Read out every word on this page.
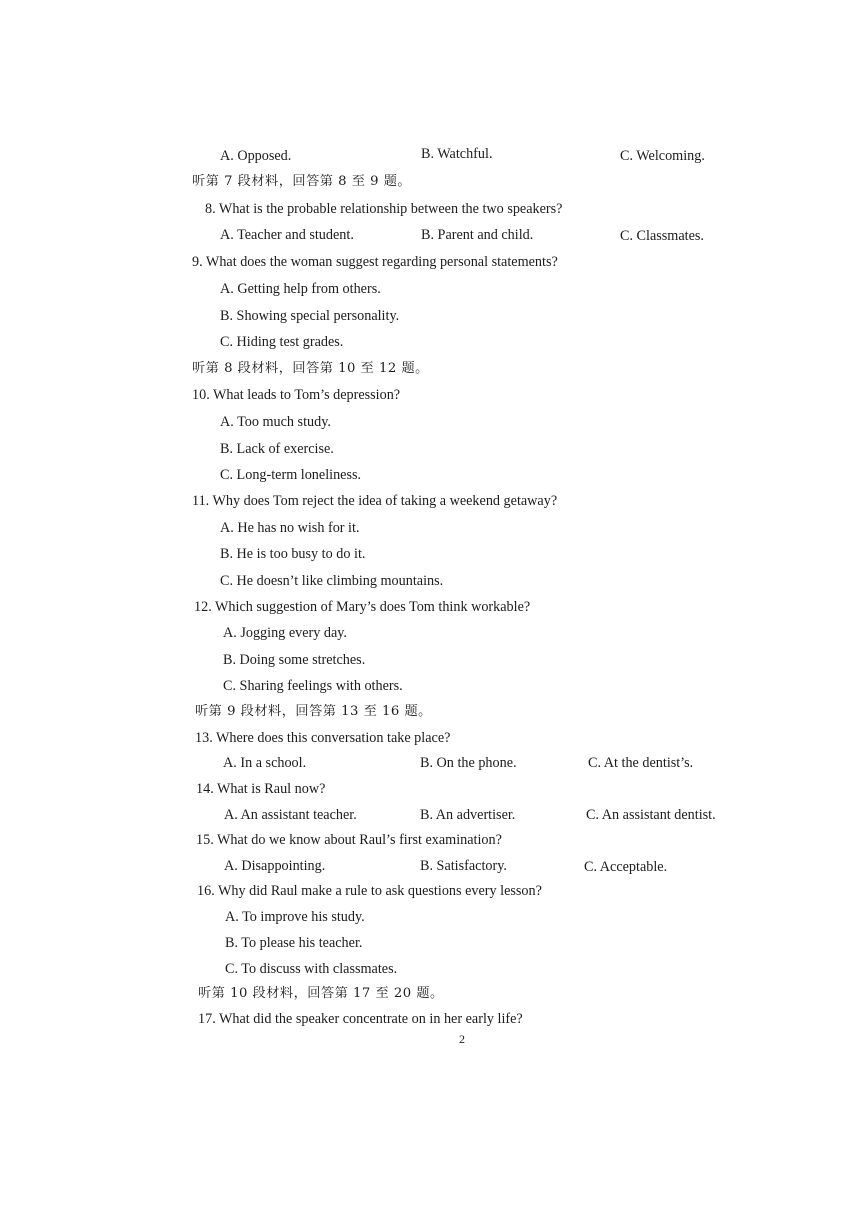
A. Opposed.	B. Watchful.	C. Welcoming.
听第 7 段材料，回答第 8 至 9 题。
8. What is the probable relationship between the two speakers?
A. Teacher and student.	B. Parent and child.	C. Classmates.
9. What does the woman suggest regarding personal statements?
A. Getting help from others.
B. Showing special personality.
C. Hiding test grades.
听第 8 段材料，回答第 10 至 12 题。
10. What leads to Tom’s depression?
A. Too much study.
B. Lack of exercise.
C. Long-term loneliness.
11. Why does Tom reject the idea of taking a weekend getaway?
A. He has no wish for it.
B. He is too busy to do it.
C. He doesn’t like climbing mountains.
12. Which suggestion of Mary’s does Tom think workable?
A. Jogging every day.
B. Doing some stretches.
C. Sharing feelings with others.
听第 9 段材料，回答第 13 至 16 题。
13. Where does this conversation take place?
A. In a school.	B. On the phone.	C. At the dentist’s.
14. What is Raul now?
A. An assistant teacher.	B. An advertiser.	C. An assistant dentist.
15. What do we know about Raul’s first examination?
A. Disappointing.	B. Satisfactory.	C. Acceptable.
16. Why did Raul make a rule to ask questions every lesson?
A. To improve his study.
B. To please his teacher.
C. To discuss with classmates.
听第 10 段材料，回答第 17 至 20 题。
17. What did the speaker concentrate on in her early life?
2
